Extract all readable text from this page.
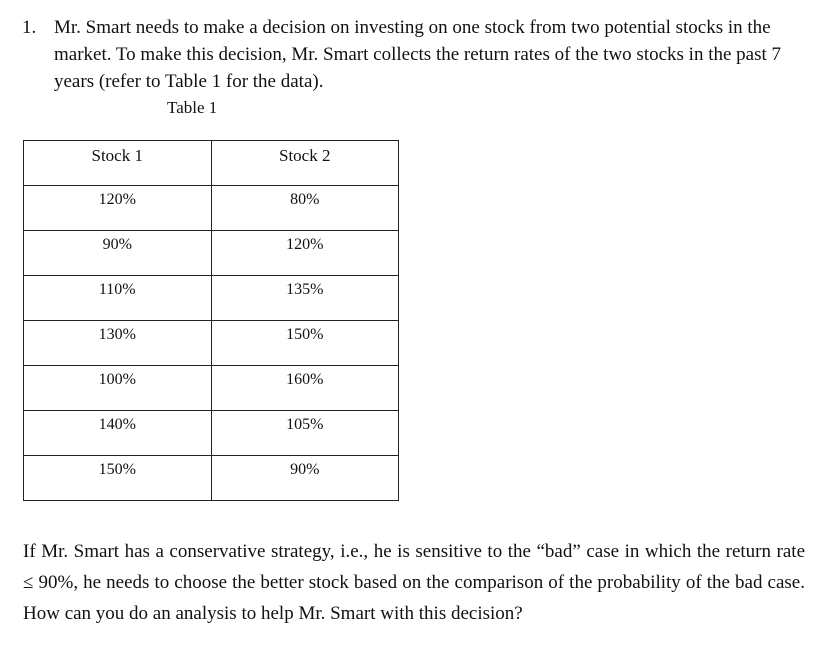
1. Mr. Smart needs to make a decision on investing on one stock from two potential stocks in the market. To make this decision, Mr. Smart collects the return rates of the two stocks in the past 7 years (refer to Table 1 for the data).
Table 1
Stock 1	Stock 2
120%	80%
90%	120%
110%	135%
130%	150%
100%	160%
140%	105%
150%	90%
If Mr. Smart has a conservative strategy, i.e., he is sensitive to the “bad” case in which the return rate ≤ 90%, he needs to choose the better stock based on the comparison of the probability of the bad case. How can you do an analysis to help Mr. Smart with this decision?
